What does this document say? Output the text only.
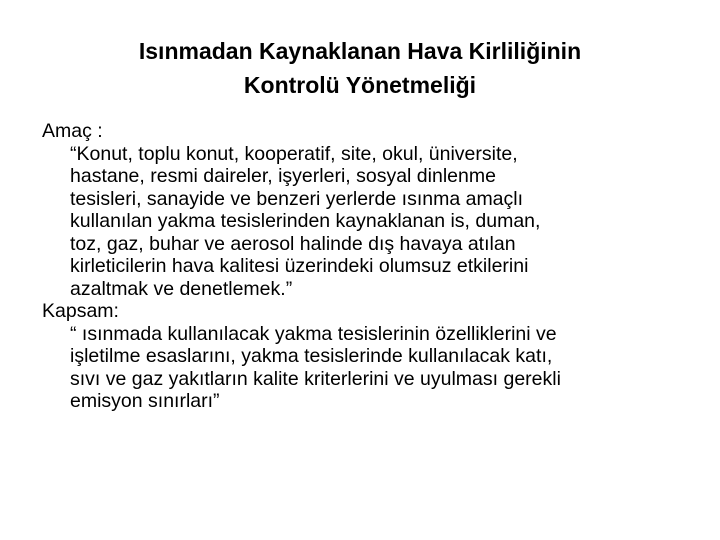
Isınmadan Kaynaklanan Hava Kirliliğinin
Kontrolü Yönetmeliği
Amaç :
“Konut, toplu konut, kooperatif, site, okul, üniversite,
hastane, resmi daireler, işyerleri, sosyal dinlenme
tesisleri, sanayide ve benzeri yerlerde ısınma amaçlı
kullanılan yakma tesislerinden kaynaklanan is, duman,
toz, gaz, buhar ve aerosol halinde dış havaya atılan
kirleticilerin hava kalitesi üzerindeki olumsuz etkilerini
azaltmak ve denetlemek.”
Kapsam:
“ ısınmada kullanılacak yakma tesislerinin özelliklerini ve
işletilme esaslarını, yakma tesislerinde kullanılacak katı,
sıvı ve gaz yakıtların kalite kriterlerini ve uyulması gerekli
emisyon sınırları”
